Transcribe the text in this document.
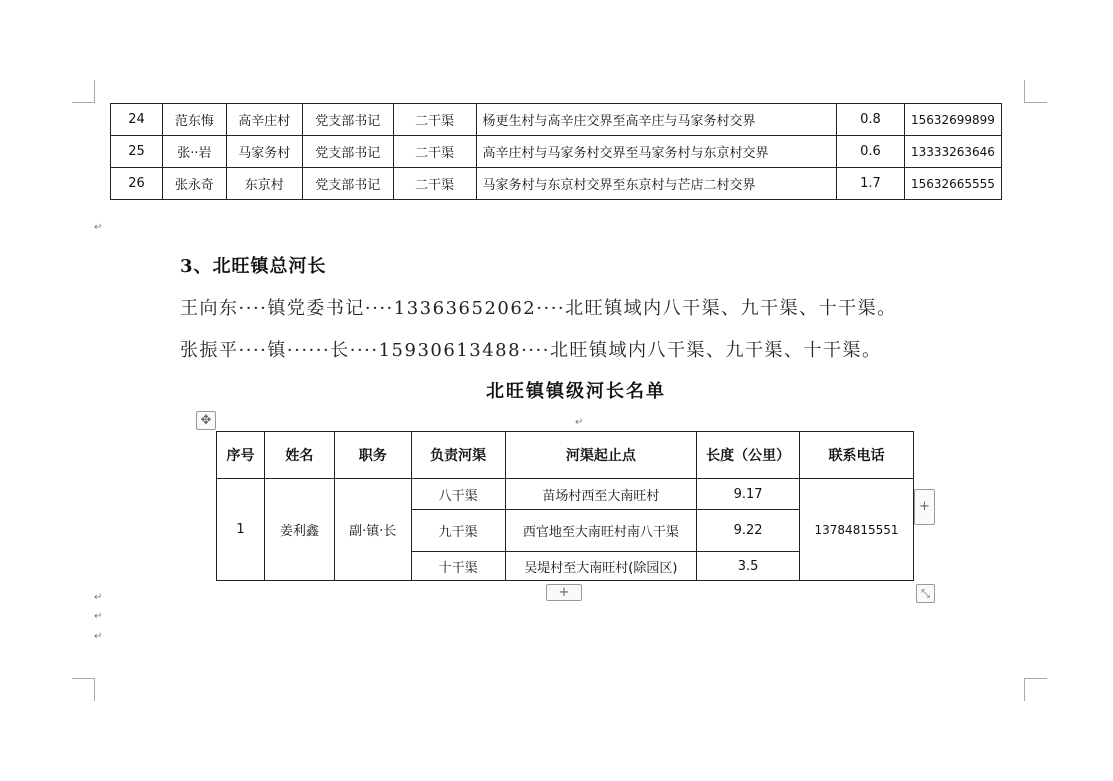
24	范东悔	高辛庄村	党支部书记	二干渠	杨更生村与高辛庄交界至高辛庄与马家务村交界	0.8	15632699899
25	张··岩	马家务村	党支部书记	二干渠	高辛庄村与马家务村交界至马家务村与东京村交界	0.6	13333263646
26	张永奇	东京村	党支部书记	二干渠	马家务村与东京村交界至东京村与芒店二村交界	1.7	15632665555
↵
3、北旺镇总河长
王向东····镇党委书记····13363652062····北旺镇域内八干渠、九干渠、十干渠。
张振平····镇······长····15930613488····北旺镇域内八干渠、九干渠、十干渠。
北旺镇镇级河长名单
↵
✥
序号	姓名	职务	负责河渠	河渠起止点	长度（公里）	联系电话
1	姜利鑫	副·镇·长	八干渠	苗场村西至大南旺村	9.17	13784815551
			九干渠	西官地至大南旺村南八干渠	9.22	
			十干渠	吴堤村至大南旺村(除园区)	3.5	
+
+	⤡
↵
↵
↵
